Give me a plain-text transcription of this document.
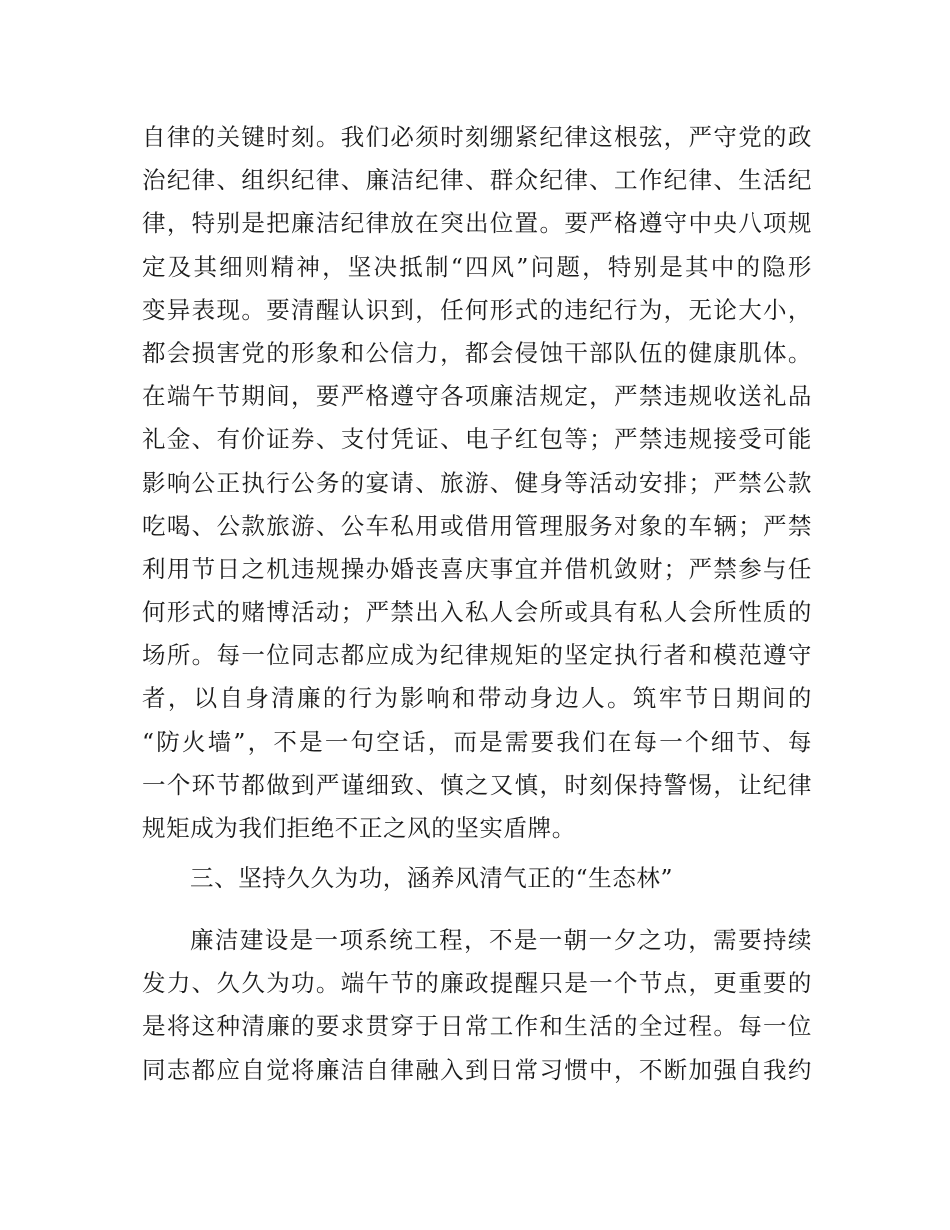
自律的关键时刻。我们必须时刻绷紧纪律这根弦，严守党的政
治纪律、组织纪律、廉洁纪律、群众纪律、工作纪律、生活纪
律，特别是把廉洁纪律放在突出位置。要严格遵守中央八项规
定及其细则精神，坚决抵制“四风”问题，特别是其中的隐形
变异表现。要清醒认识到，任何形式的违纪行为，无论大小，
都会损害党的形象和公信力，都会侵蚀干部队伍的健康肌体。
在端午节期间，要严格遵守各项廉洁规定，严禁违规收送礼品
礼金、有价证券、支付凭证、电子红包等；严禁违规接受可能
影响公正执行公务的宴请、旅游、健身等活动安排；严禁公款
吃喝、公款旅游、公车私用或借用管理服务对象的车辆；严禁
利用节日之机违规操办婚丧喜庆事宜并借机敛财；严禁参与任
何形式的赌博活动；严禁出入私人会所或具有私人会所性质的
场所。每一位同志都应成为纪律规矩的坚定执行者和模范遵守
者，以自身清廉的行为影响和带动身边人。筑牢节日期间的
“防火墙”，不是一句空话，而是需要我们在每一个细节、每
一个环节都做到严谨细致、慎之又慎，时刻保持警惕，让纪律
规矩成为我们拒绝不正之风的坚实盾牌。
三、坚持久久为功，涵养风清气正的“生态林”
廉洁建设是一项系统工程，不是一朝一夕之功，需要持续
发力、久久为功。端午节的廉政提醒只是一个节点，更重要的
是将这种清廉的要求贯穿于日常工作和生活的全过程。每一位
同志都应自觉将廉洁自律融入到日常习惯中，不断加强自我约
